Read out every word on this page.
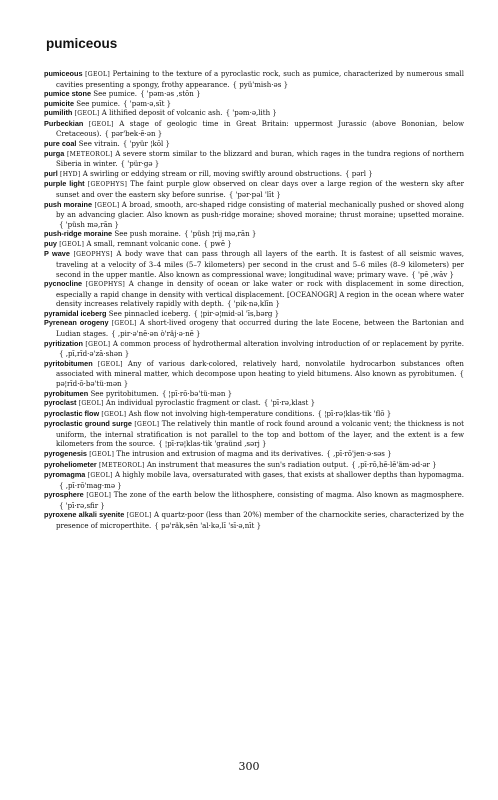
pumiceous

pumiceous [GEOL] Pertaining to the texture of a pyroclastic rock, such as pumice, characterized by numerous small cavities presenting a spongy, frothy appearance. { pyü'mish·əs }

pumice stone See pumice. { 'pəm·əs ,stōn }

pumicite See pumice. { 'pəm·ə,sīt }

pumilith [GEOL] A lithified deposit of volcanic ash. { 'pəm·ə,lith }

Purbeckian [GEOL] A stage of geologic time in Great Britain: uppermost Jurassic (above Bononian, below Cretaceous). { pər'bek·ē·ən }

pure coal See vitrain. { 'pyür ¦kōl }

purga [METEOROL] A severe storm similar to the blizzard and buran, which rages in the tundra regions of northern Siberia in winter. { 'pür·gə }

purl [HYD] A swirling or eddying stream or rill, moving swiftly around obstructions. { pərl }

purple light [GEOPHYS] The faint purple glow observed on clear days over a large region of the western sky after sunset and over the eastern sky before sunrise. { 'pər·pəl 'līt }

push moraine [GEOL] A broad, smooth, arc-shaped ridge consisting of material mechanically pushed or shoved along by an advancing glacier. Also known as push-ridge moraine; shoved moraine; thrust moraine; upsetted moraine.{ 'püsh mə,rān }

push-ridge moraine See push moraine. { 'püsh ¦rij mə,rān }

puy [GEOL] A small, remnant volcanic cone. { pwē }

P wave [GEOPHYS] A body wave that can pass through all layers of the earth. It is fastest of all seismic waves, traveling at a velocity of 3–4 miles (5–7 kilometers) per second in the crust and 5–6 miles (8–9 kilometers) per second in the upper mantle. Also known as compressional wave; longitudinal wave; primary wave. { 'pē ,wāv }

pycnocline [GEOPHYS] A change in density of ocean or lake water or rock with displacement in some direction, especially a rapid change in density with vertical displacement. [OCEANOGR] A region in the ocean where water density increases relatively rapidly with depth. { 'pik·nə,klīn }

pyramidal iceberg See pinnacled iceberg. { ¦pir·ə¦mid·əl 'īs,bərg }

Pyrenean orogeny [GEOL] A short-lived orogeny that occurred during the late Eocene, between the Bartonian and Ludian stages. { ,pir·ə'nē·ən ò'räj·ə·nē }

pyritization [GEOL] A common process of hydrothermal alteration involving introduction of or replacement by pyrite.{ ,pī,rīd·ə'zā·shən }

pyritobitumen [GEOL] Any of various dark-colored, relatively hard, nonvolatile hydrocarbon substances often associated with mineral matter, which decompose upon heating to yield bitumens. Also known as pyrobitumen. { pə¦rīd·ō·bə'tü·mən }

pyrobitumen See pyritobitumen. { ¦pī·rō·bə'tü·mən }

pyroclast [GEOL] An individual pyroclastic fragment or clast. { 'pī·rə,klast }

pyroclastic flow [GEOL] Ash flow not involving high-temperature conditions. { ¦pī·rə¦klas·tik 'flō }

pyroclastic ground surge [GEOL] The relatively thin mantle of rock found around a volcanic vent; the thickness is not uniform, the internal stratification is not parallel to the top and bottom of the layer, and the extent is a few kilometers from the source. { ¦pī·rə¦klas·tik 'graünd ,sərj }

pyrogenesis [GEOL] The intrusion and extrusion of magma and its derivatives. { ,pī·rō'jen·ə·səs }

pyroheliometer [METEOROL] An instrument that measures the sun's radiation output. { ,pī·rō,hē·lē'äm·əd·ər }

pyromagma [GEOL] A highly mobile lava, oversaturated with gases, that exists at shallower depths than hypomagma.{ ,pī·rō'mag·mə }

pyrosphere [GEOL] The zone of the earth below the lithosphere, consisting of magma. Also known as magmosphere.{ 'pī·rə,sfir }

pyroxene alkali syenite [GEOL] A quartz-poor (less than 20%) member of the charnockite series, characterized by the presence of microperthite. { pə'räk,sēn 'al·kə,lī 'sī·ə,nīt }

300
